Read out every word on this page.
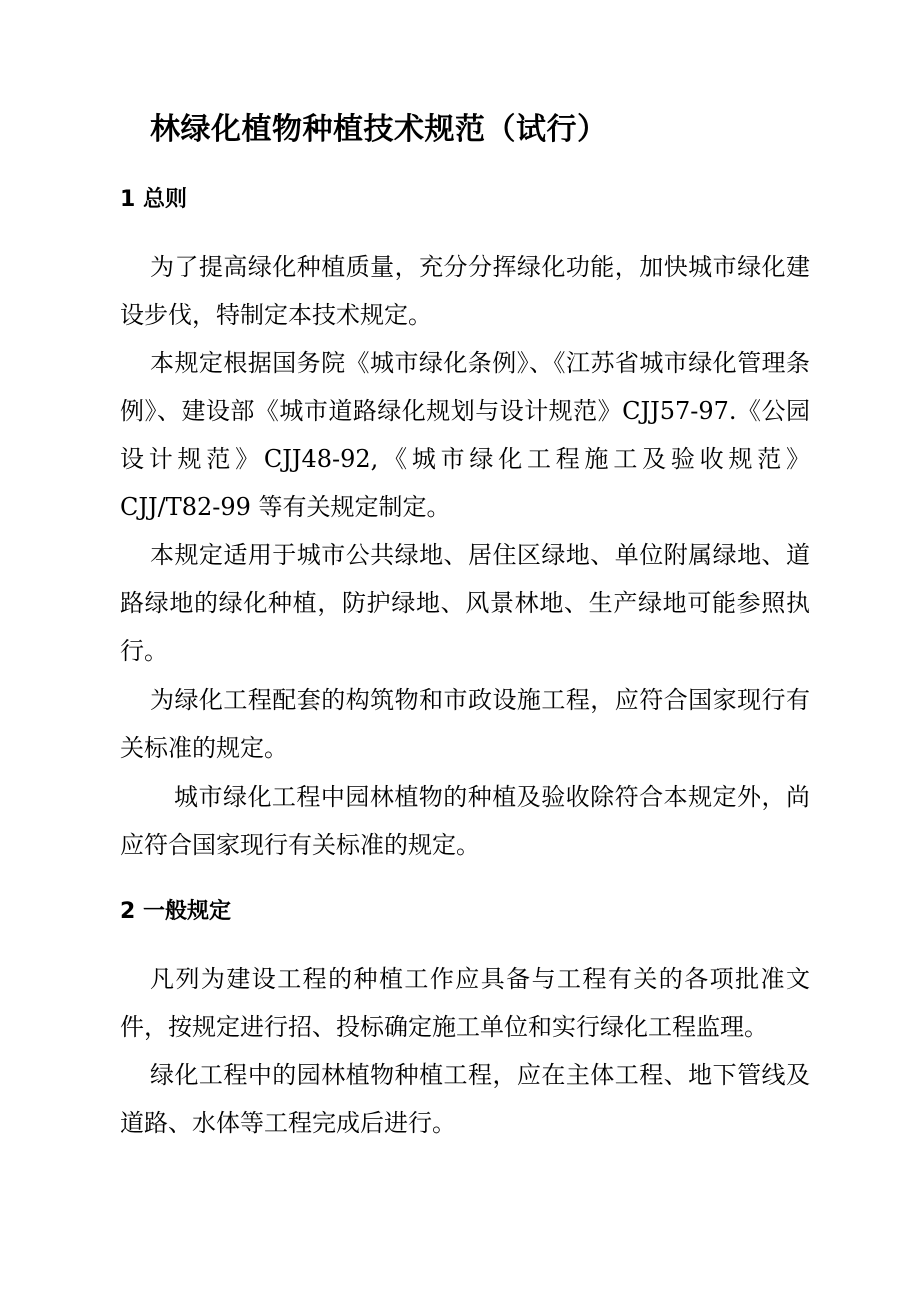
林绿化植物种植技术规范（试行）
1 总则

为了提高绿化种植质量，充分分挥绿化功能，加快城市绿化建设步伐，特制定本技术规定。

本规定根据国务院《城市绿化条例》、《江苏省城市绿化管理条例》、建设部《城市道路绿化规划与设计规范》CJJ57-97.《公园设计规范》CJJ48-92,《城市绿化工程施工及验收规范》CJJ/T82-99 等有关规定制定。

本规定适用于城市公共绿地、居住区绿地、单位附属绿地、道路绿地的绿化种植，防护绿地、风景林地、生产绿地可能参照执行。

为绿化工程配套的构筑物和市政设施工程，应符合国家现行有关标准的规定。

城市绿化工程中园林植物的种植及验收除符合本规定外，尚应符合国家现行有关标准的规定。

2 一般规定

凡列为建设工程的种植工作应具备与工程有关的各项批准文件，按规定进行招、投标确定施工单位和实行绿化工程监理。

绿化工程中的园林植物种植工程，应在主体工程、地下管线及道路、水体等工程完成后进行。
